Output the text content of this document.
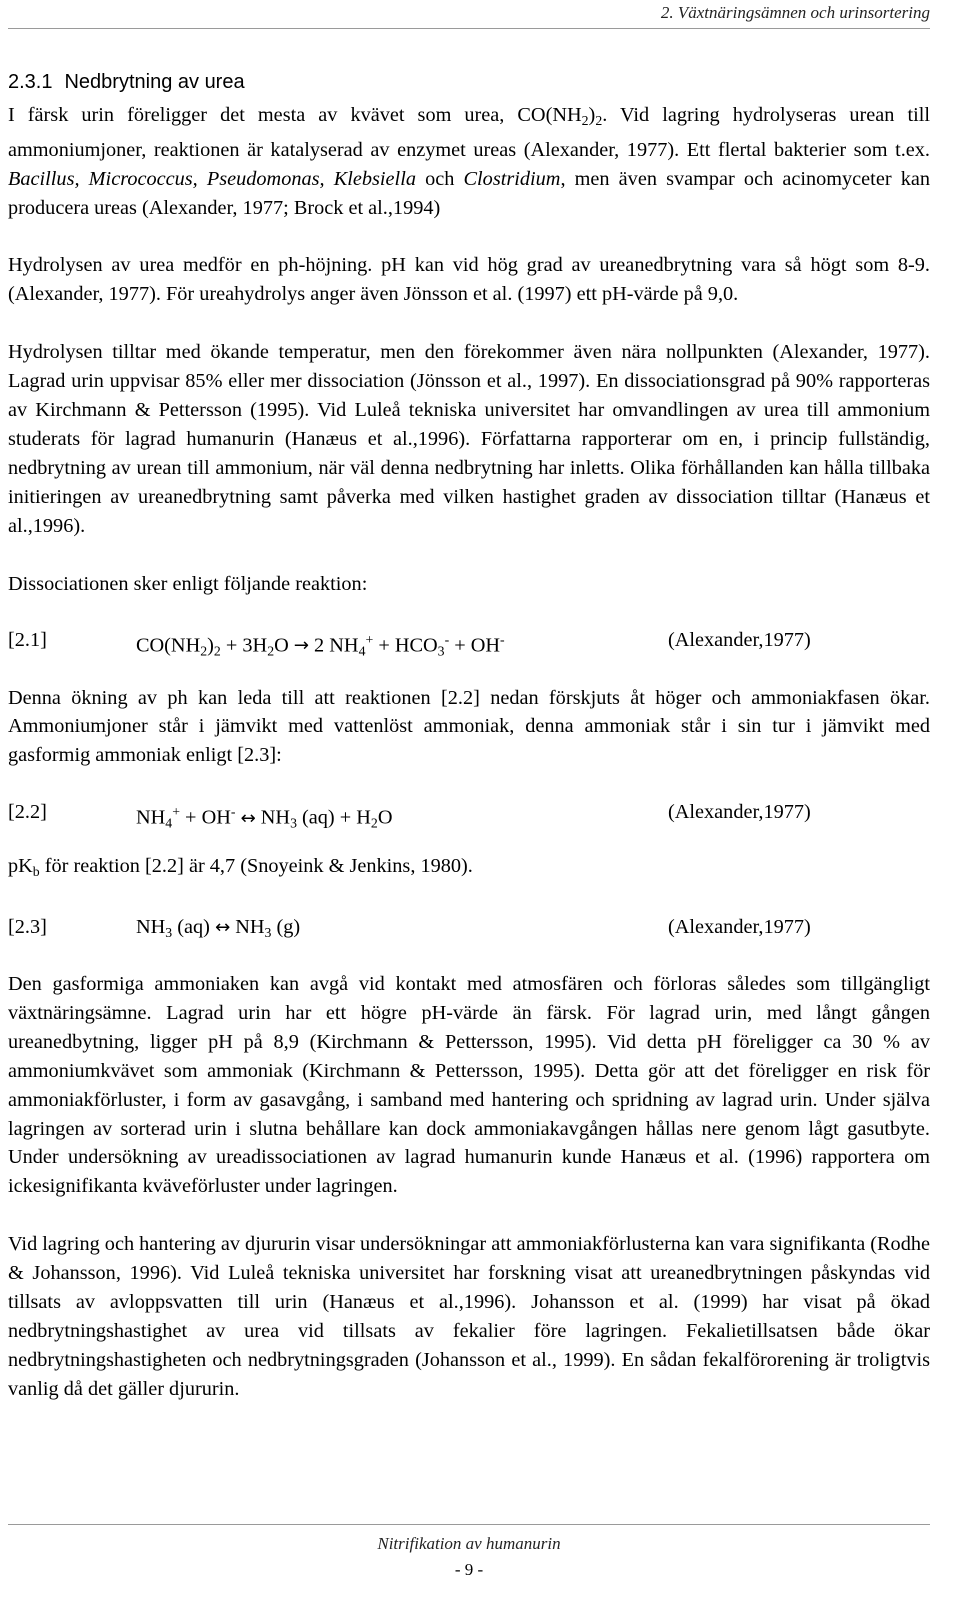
2. Växtnäringsämnen och urinsortering
2.3.1 Nedbrytning av urea

I färsk urin föreligger det mesta av kvävet som urea, $CO(NH_2)_2$. Vid lagring hydrolyseras urean till ammoniumjoner, reaktionen är katalyserad av enzymet ureas (Alexander, 1977). Ett flertal bakterier som t.ex. Bacillus, Micrococcus, Pseudomonas, Klebsiella och Clostridium, men även svampar och acinomyceter kan producera ureas (Alexander, 1977; Brock et al.,1994)

Hydrolysen av urea medför en ph-höjning. pH kan vid hög grad av ureanedbrytning vara så högt som 8-9. (Alexander, 1977). För ureahydrolys anger även Jönsson et al. (1997) ett pH-värde på 9,0.

Hydrolysen tilltar med ökande temperatur, men den förekommer även nära nollpunkten (Alexander, 1977). Lagrad urin uppvisar 85% eller mer dissociation (Jönsson et al., 1997). En dissociationsgrad på 90% rapporteras av Kirchmann & Pettersson (1995). Vid Luleå tekniska universitet har omvandlingen av urea till ammonium studerats för lagrad humanurin (Hanæus et al.,1996). Författarna rapporterar om en, i princip fullständig, nedbrytning av urean till ammonium, när väl denna nedbrytning har inletts. Olika förhållanden kan hålla tillbaka initieringen av ureanedbrytning samt påverka med vilken hastighet graden av dissociation tilltar (Hanæus et al.,1996).

Dissociationen sker enligt följande reaktion:

[2.1]	$CO(NH_2)_2 + 3H_2O \to 2$ $NH_4^+ + HCO_3^- + OH^-$	(Alexander,1977)

Denna ökning av ph kan leda till att reaktionen [2.2] nedan förskjuts åt höger och ammoniakfasen ökar. Ammoniumjoner står i jämvikt med vattenlöst ammoniak, denna ammoniak står i sin tur i jämvikt med gasformig ammoniak enligt [2.3]:

[2.2]	$NH_4^+ + OH^-$ ↔ $NH_3$ $(aq) + H_2O$	(Alexander,1977)

$pK_b$ för reaktion [2.2] är 4,7 (Snoyeink & Jenkins, 1980).

[2.3]	$NH_3$ (aq) ↔ $NH_3$ (g)	(Alexander,1977)

Den gasformiga ammoniaken kan avgå vid kontakt med atmosfären och förloras således som tillgängligt växtnäringsämne. Lagrad urin har ett högre pH-värde än färsk. För lagrad urin, med långt gången ureanedbytning, ligger pH på 8,9 (Kirchmann & Pettersson, 1995). Vid detta pH föreligger ca 30 % av ammoniumkvävet som ammoniak (Kirchmann & Pettersson, 1995). Detta gör att det föreligger en risk för ammoniakförluster, i form av gasavgång, i samband med hantering och spridning av lagrad urin. Under själva lagringen av sorterad urin i slutna behållare kan dock ammoniakavgången hållas nere genom lågt gasutbyte. Under undersökning av ureadissociationen av lagrad humanurin kunde Hanæus et al. (1996) rapportera om ickesignifikanta kväveförluster under lagringen.

Vid lagring och hantering av djururin visar undersökningar att ammoniakförlusterna kan vara signifikanta (Rodhe & Johansson, 1996). Vid Luleå tekniska universitet har forskning visat att ureanedbrytningen påskyndas vid tillsats av avloppsvatten till urin (Hanæus et al.,1996). Johansson et al. (1999) har visat på ökad nedbrytningshastighet av urea vid tillsats av fekalier före lagringen. Fekalietillsatsen både ökar nedbrytningshastigheten och nedbrytningsgraden (Johansson et al., 1999). En sådan fekalförorening är troligtvis vanlig då det gäller djururin.

Nitrifikation av humanurin
- 9 -
